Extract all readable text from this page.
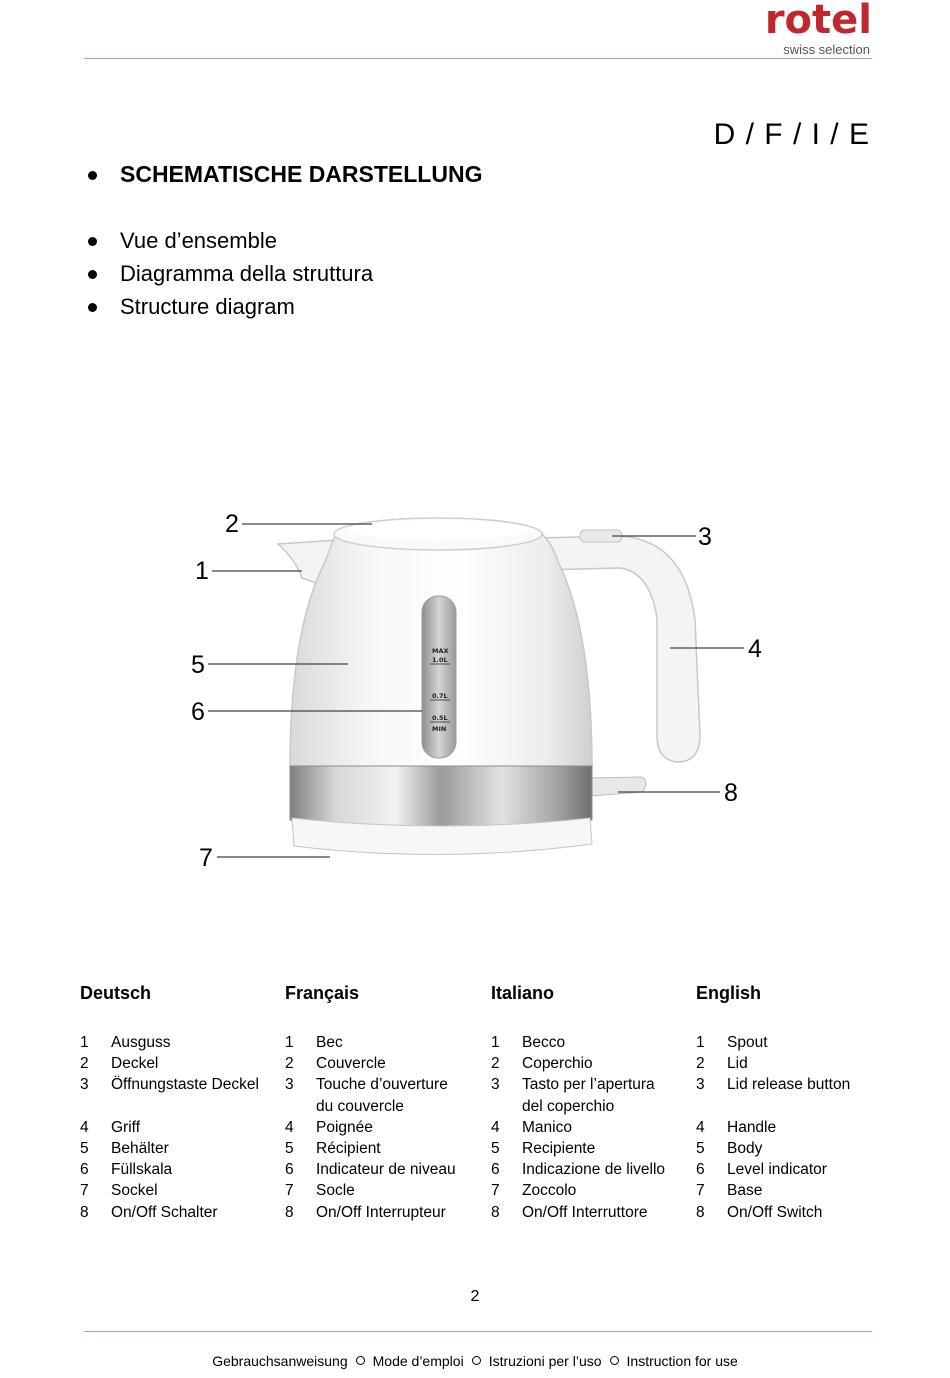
rotel
swiss selection
D / F / I / E
SCHEMATISCHE DARSTELLUNG
Vue d’ensemble
Diagramma della struttura
Structure diagram
MAX
1.0L
0.7L
0.5L
MIN
1
2	3
4
5
6
7
8
Deutsch
1 Ausguss
2 Deckel
3 Öffnungstaste Deckel

4 Griff
5 Behälter
6 Füllskala
7 Sockel
8 On/Off Schalter
Français
1 Bec
2 Couvercle
3 Touche d’ouverture
du couvercle
4 Poignée
5 Récipient
6 Indicateur de niveau
7 Socle
8 On/Off Interrupteur
Italiano
1 Becco
2 Coperchio
3 Tasto per l’apertura
del coperchio
4 Manico
5 Recipiente
6 Indicazione de livello
7 Zoccolo
8 On/Off Interruttore
English
1 Spout
2 Lid
3 Lid release button

4 Handle
5 Body
6 Level indicator
7 Base
8 On/Off Switch
2
Gebrauchsanweisung Mode d’emploi Istruzioni per l’uso Instruction for use
